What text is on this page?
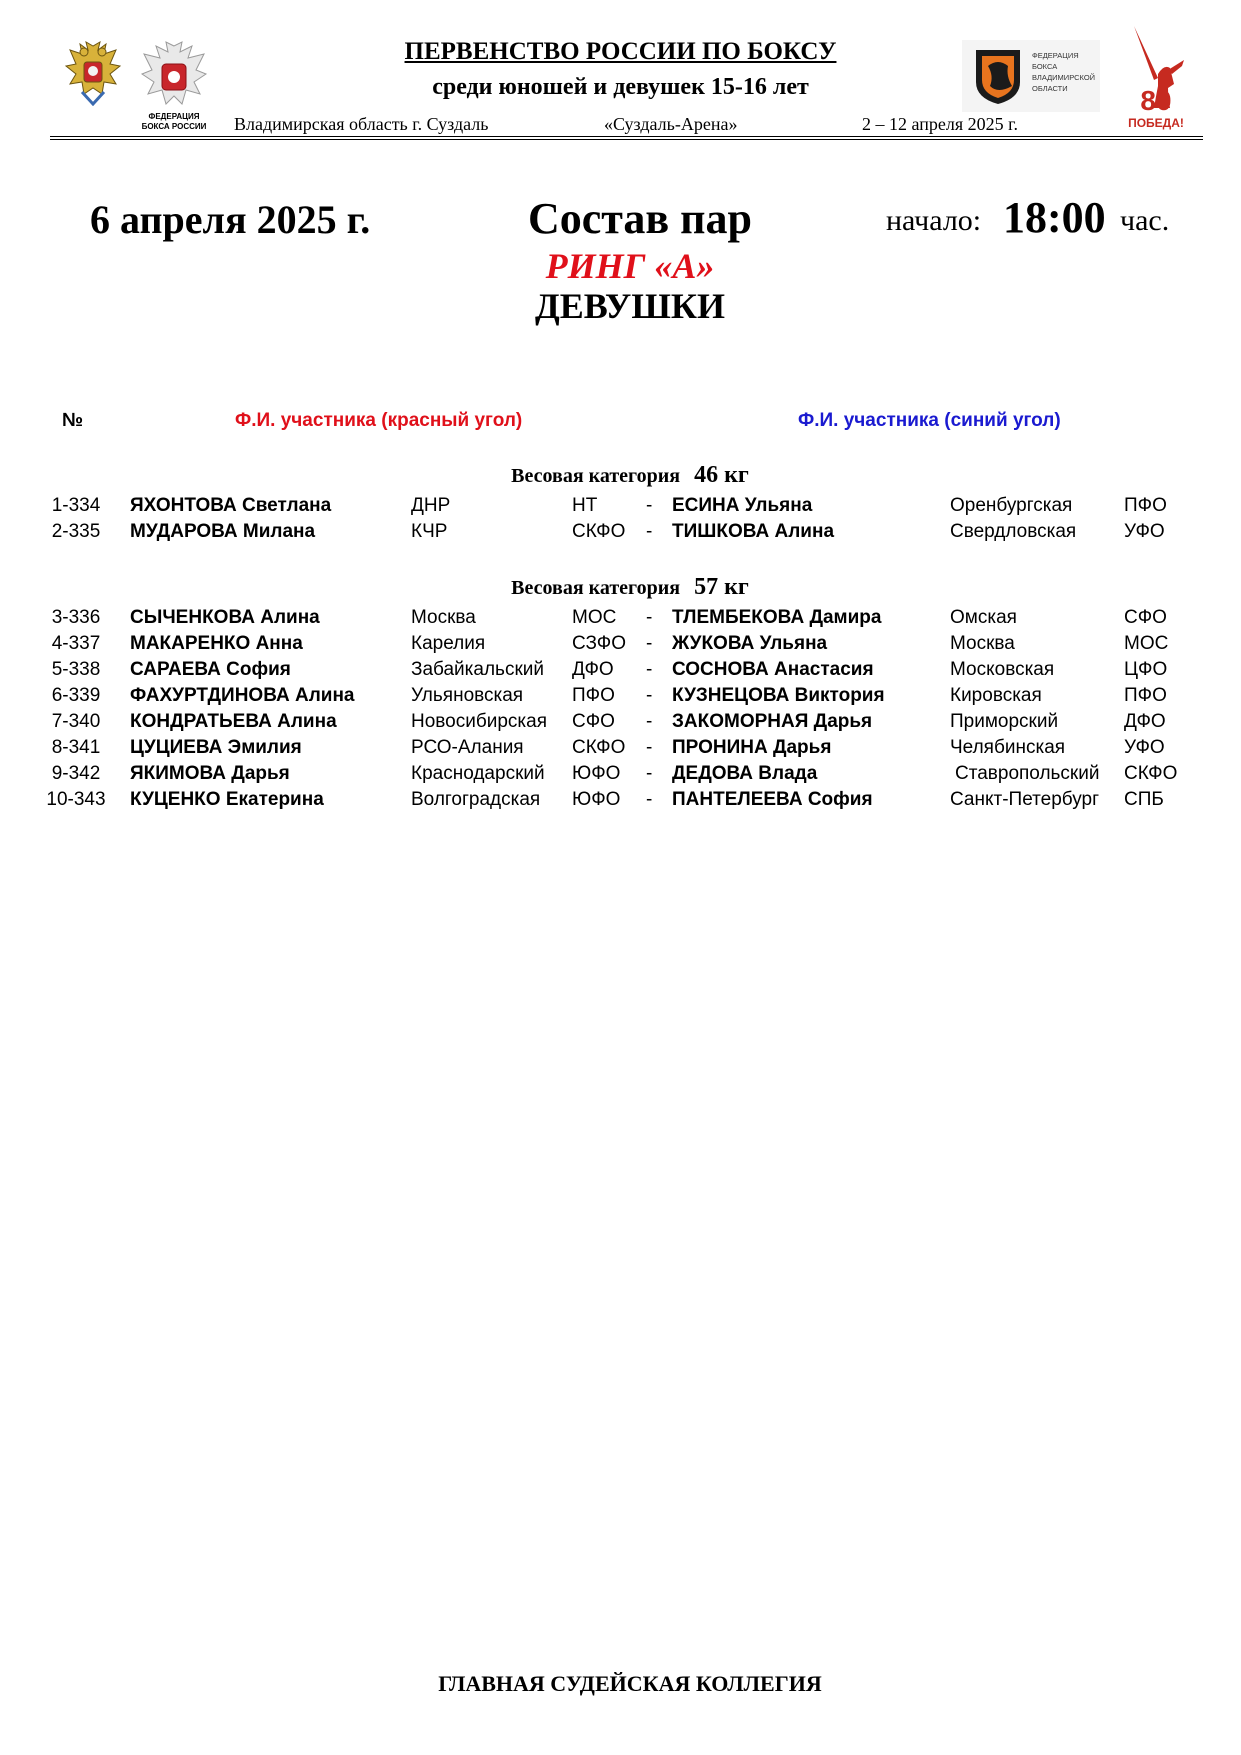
ФЕДЕРАЦИЯ БОКСА РОССИИ
ФЕДЕРАЦИЯ БОКСА ВЛАДИМИРСКОЙ ОБЛАСТИ	80
ПОБЕДА!
ПЕРВЕНСТВО РОССИИ ПО БОКСУ
среди юношей и девушек 15-16 лет
Владимирская область г. Суздаль	«Суздаль-Арена»	2 – 12 апреля 2025 г.
6 апреля 2025 г.	Состав пар	начало: 18:00 час.
РИНГ «А»
ДЕВУШКИ
№	Ф.И. участника (красный угол)	Ф.И. участника (синий угол)
Весовая категория 46 кг
1-334	ЯХОНТОВА Светлана	ДНР	НТ	- ЕСИНА Ульяна	Оренбургская	ПФО
2-335	МУДАРОВА Милана	КЧР	СКФО - ТИШКОВА Алина	Свердловская	УФО
Весовая категория 57 кг
3-336	СЫЧЕНКОВА Алина	Москва	МОС - ТЛЕМБЕКОВА Дамира	Омская	СФО
4-337	МАКАРЕНКО Анна	Карелия	СЗФО - ЖУКОВА Ульяна	Москва	МОС
5-338	САРАЕВА София	Забайкальский ДФО - СОСНОВА Анастасия	Московская	ЦФО
6-339	ФАХУРТДИНОВА Алина	Ульяновская	ПФО - КУЗНЕЦОВА Виктория	Кировская	ПФО
7-340	КОНДРАТЬЕВА Алина	Новосибирская СФО - ЗАКОМОРНАЯ Дарья	Приморский	ДФО
8-341	ЦУЦИЕВА Эмилия	РСО-Алания	СКФО - ПРОНИНА Дарья	Челябинская	УФО
9-342	ЯКИМОВА Дарья	Краснодарский ЮФО - ДЕДОВА Влада	Ставропольский СКФО
10-343	КУЦЕНКО Екатерина	Волгоградская ЮФО - ПАНТЕЛЕЕВА София	Санкт-Петербург СПБ
ГЛАВНАЯ СУДЕЙСКАЯ КОЛЛЕГИЯ
